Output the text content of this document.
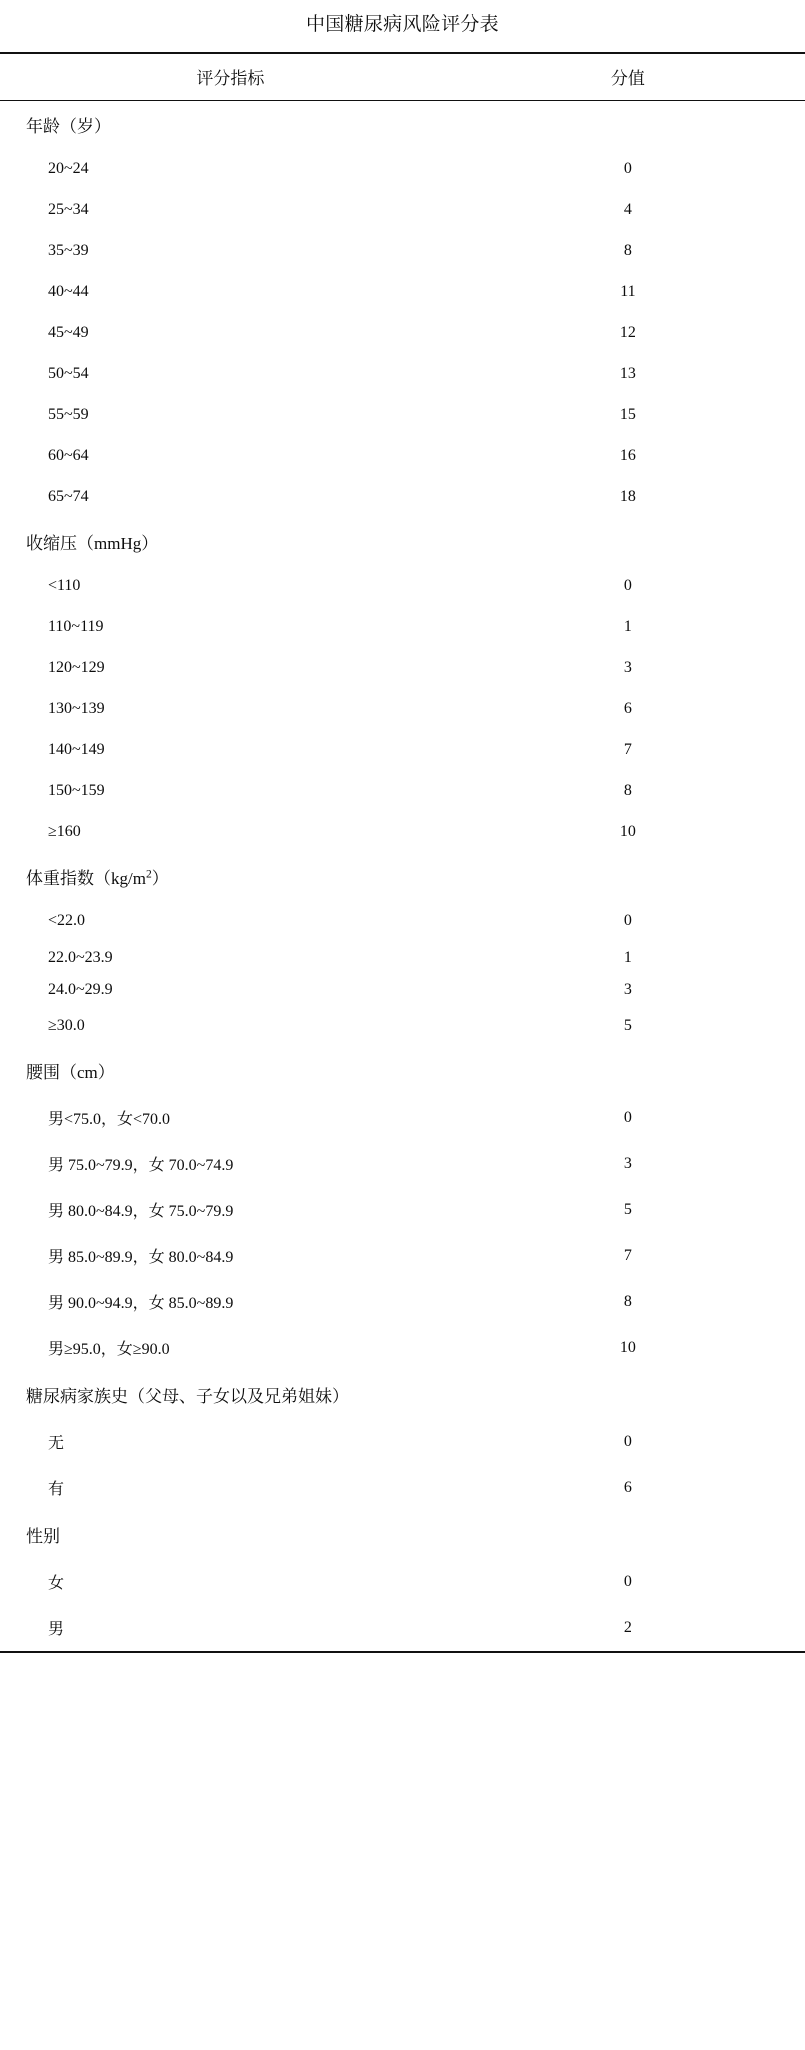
中国糖尿病风险评分表
评分指标	分值
年龄（岁）	
20~24	0
25~34	4
35~39	8
40~44	11
45~49	12
50~54	13
55~59	15
60~64	16
65~74	18
收缩压（mmHg）	
<110	0
110~119	1
120~129	3
130~139	6
140~149	7
150~159	8
≥160	10
体重指数$(kg/m^2)$	
<22.0	0
22.0~23.9	1
24.0~29.9	3
≥30.0	5
腰围（cm）	
男<75.0，女<70.0	0
男 75.0~79.9，女 70.0~74.9	3
男 80.0~84.9，女 75.0~79.9	5
男 85.0~89.9，女 80.0~84.9	7
男 90.0~94.9，女 85.0~89.9	8
男≥95.0，女≥90.0	10
糖尿病家族史（父母、子女以及兄弟姐妹）	
无	0
有	6
性别	
女	0
男	2
